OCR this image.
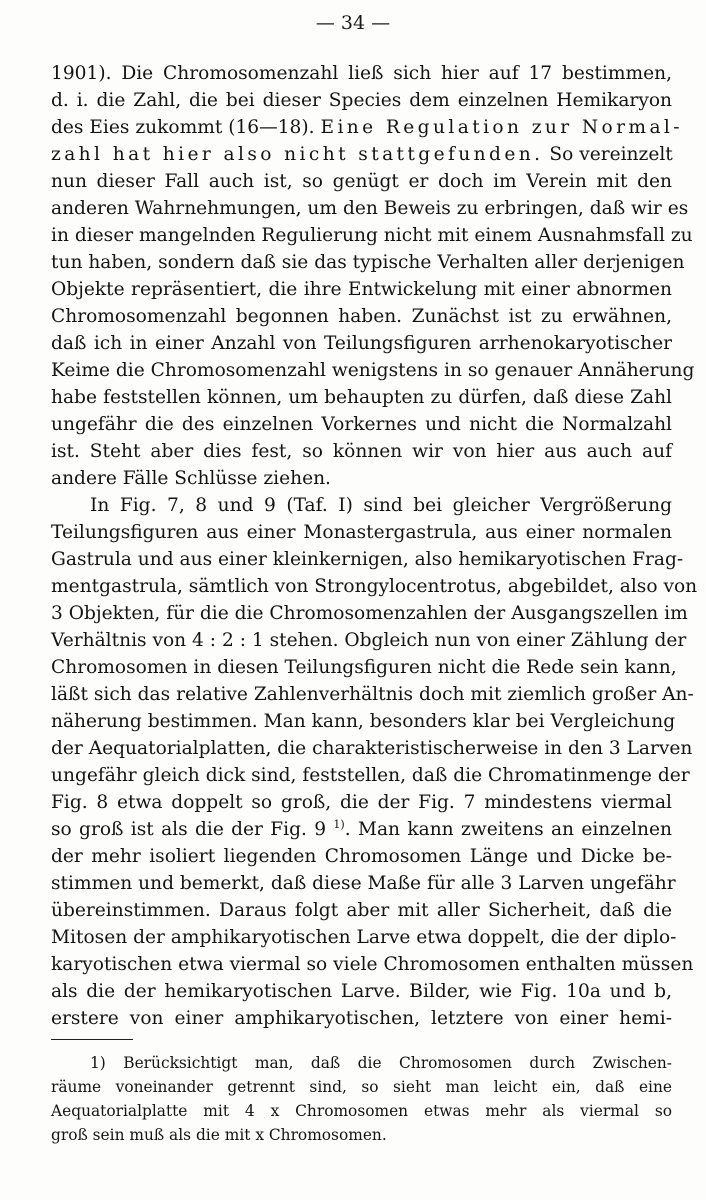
— 34 —
1901). Die Chromosomenzahl ließ sich hier auf 17 bestimmen,
d. i. die Zahl, die bei dieser Species dem einzelnen Hemikaryon
des Eies zukommt (16—18). Eine Regulation zur Normal-
zahl hat hier also nicht stattgefunden. So vereinzelt
nun dieser Fall auch ist, so genügt er doch im Verein mit den
anderen Wahrnehmungen, um den Beweis zu erbringen, daß wir es
in dieser mangelnden Regulierung nicht mit einem Ausnahmsfall zu
tun haben, sondern daß sie das typische Verhalten aller derjenigen
Objekte repräsentiert, die ihre Entwickelung mit einer abnormen
Chromosomenzahl begonnen haben. Zunächst ist zu erwähnen,
daß ich in einer Anzahl von Teilungsfiguren arrhenokaryotischer
Keime die Chromosomenzahl wenigstens in so genauer Annäherung
habe feststellen können, um behaupten zu dürfen, daß diese Zahl
ungefähr die des einzelnen Vorkernes und nicht die Normalzahl
ist. Steht aber dies fest, so können wir von hier aus auch auf
andere Fälle Schlüsse ziehen.
In Fig. 7, 8 und 9 (Taf. I) sind bei gleicher Vergrößerung
Teilungsfiguren aus einer Monastergastrula, aus einer normalen
Gastrula und aus einer kleinkernigen, also hemikaryotischen Frag-
mentgastrula, sämtlich von Strongylocentrotus, abgebildet, also von
3 Objekten, für die die Chromosomenzahlen der Ausgangszellen im
Verhältnis von 4 : 2 : 1 stehen. Obgleich nun von einer Zählung der
Chromosomen in diesen Teilungsfiguren nicht die Rede sein kann,
läßt sich das relative Zahlenverhältnis doch mit ziemlich großer An-
näherung bestimmen. Man kann, besonders klar bei Vergleichung
der Aequatorialplatten, die charakteristischerweise in den 3 Larven
ungefähr gleich dick sind, feststellen, daß die Chromatinmenge der
Fig. 8 etwa doppelt so groß, die der Fig. 7 mindestens viermal
so groß ist als die der Fig. 9 $^{1)}$. Man kann zweitens an einzelnen
der mehr isoliert liegenden Chromosomen Länge und Dicke be-
stimmen und bemerkt, daß diese Maße für alle 3 Larven ungefähr
übereinstimmen. Daraus folgt aber mit aller Sicherheit, daß die
Mitosen der amphikaryotischen Larve etwa doppelt, die der diplo-
karyotischen etwa viermal so viele Chromosomen enthalten müssen
als die der hemikaryotischen Larve. Bilder, wie Fig. 10a und b,
erstere von einer amphikaryotischen, letztere von einer hemi-
1) Berücksichtigt man, daß die Chromosomen durch Zwischen-
räume voneinander getrennt sind, so sieht man leicht ein, daß eine
Aequatorialplatte mit 4 x Chromosomen etwas mehr als viermal so
groß sein muß als die mit x Chromosomen.
